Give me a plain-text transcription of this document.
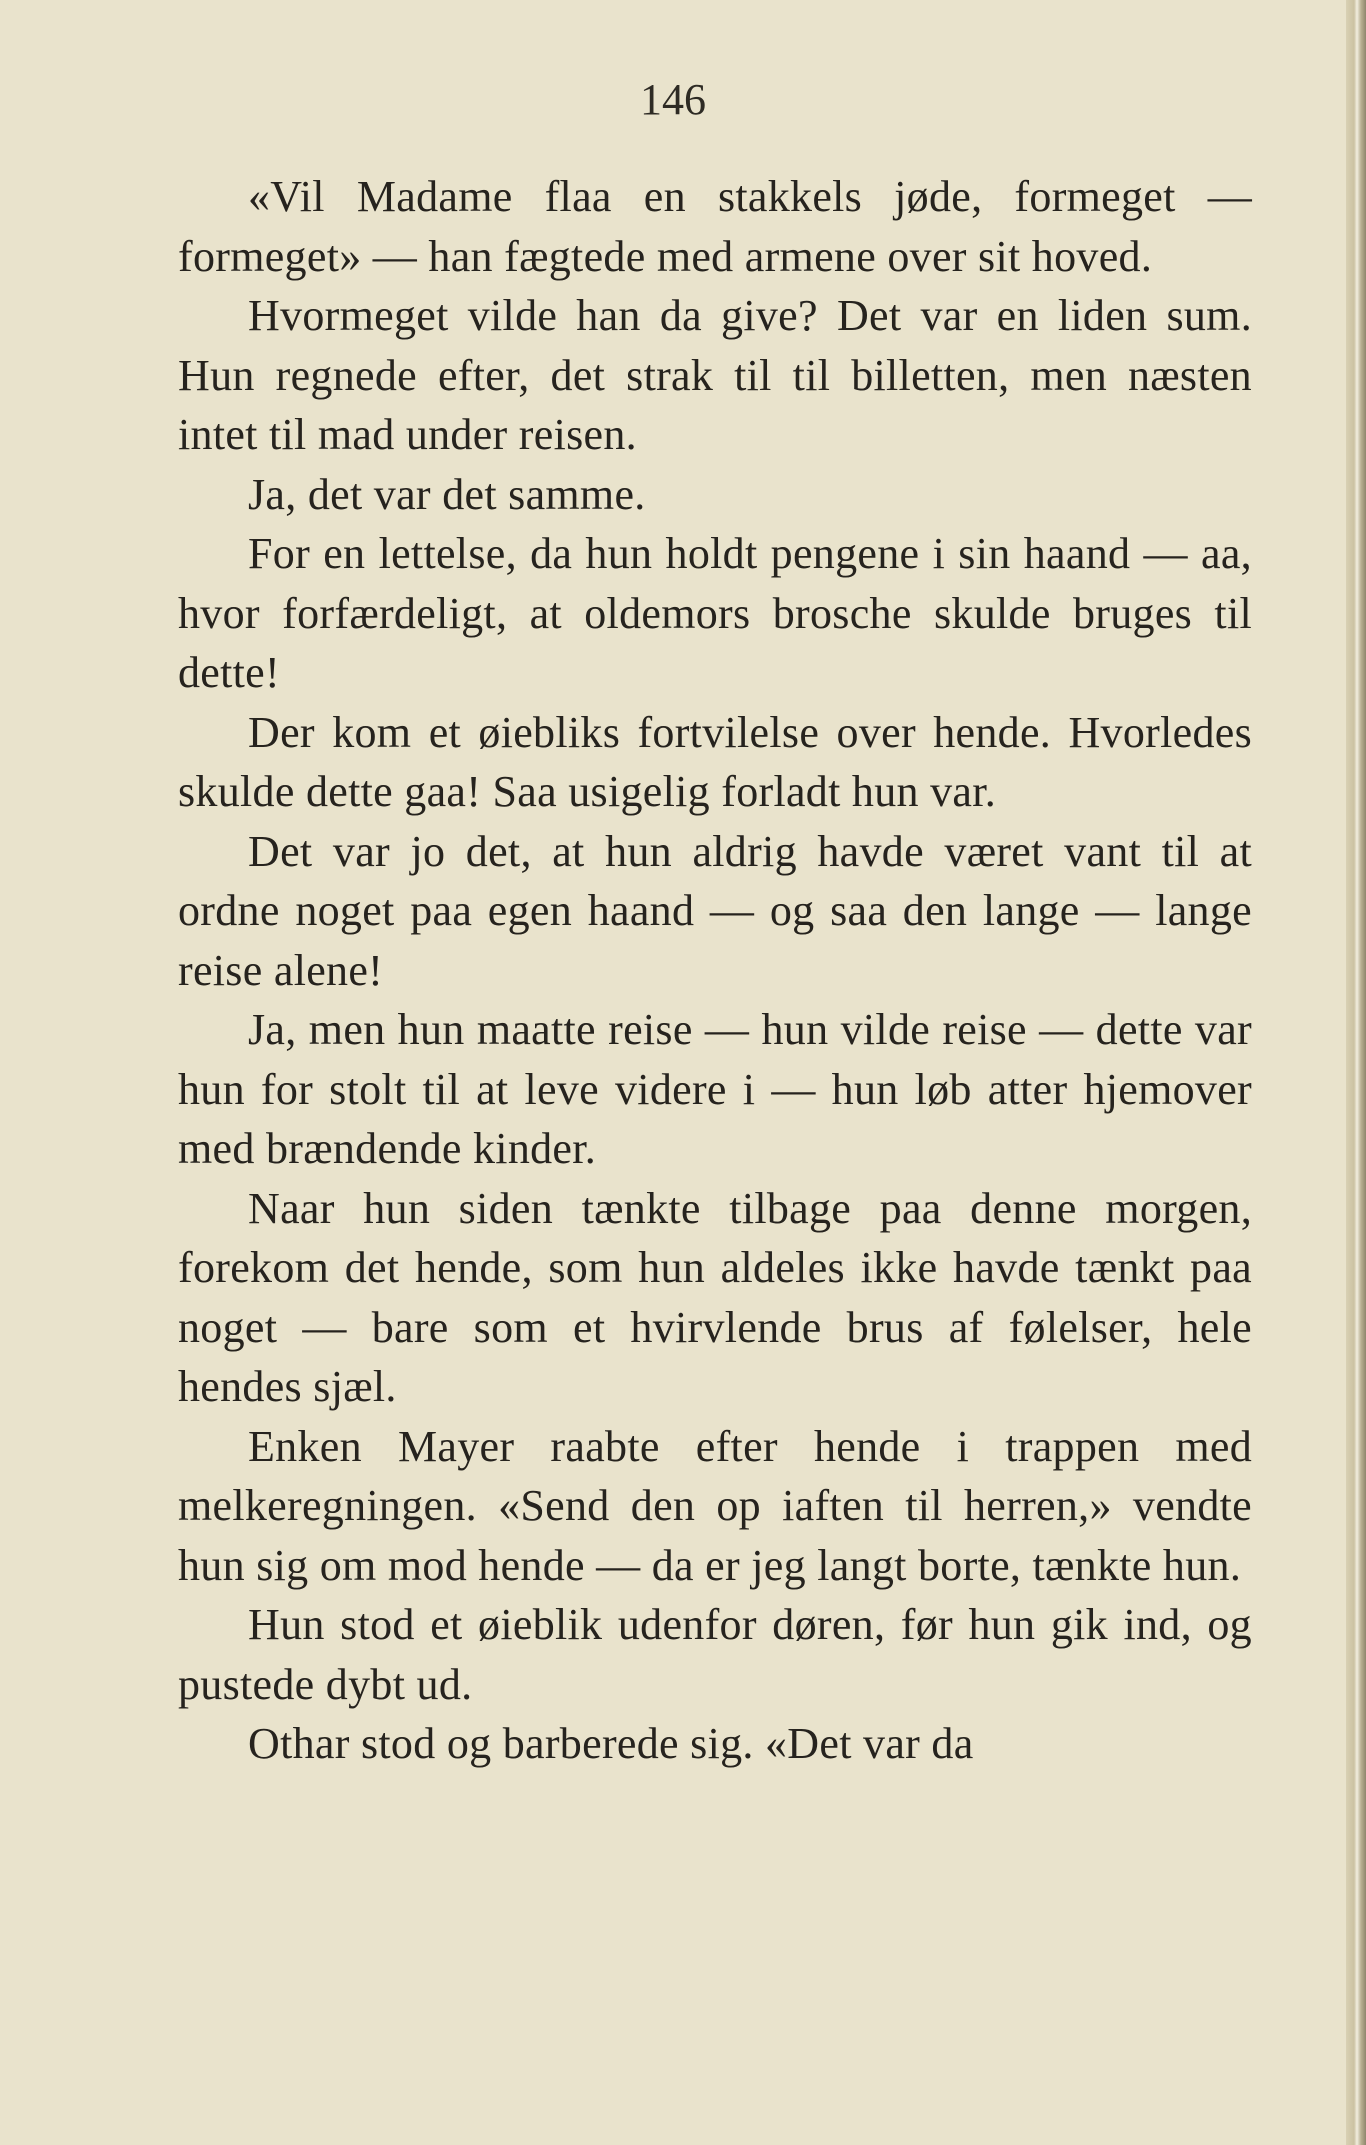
146

«Vil Madame flaa en stakkels jøde, formeget — formeget» — han fægtede med armene over sit hoved.

Hvormeget vilde han da give? Det var en liden sum. Hun regnede efter, det strak til til billetten, men næsten intet til mad under reisen.

Ja, det var det samme.

For en lettelse, da hun holdt pengene i sin haand — aa, hvor forfærdeligt, at oldemors brosche skulde bruges til dette!

Der kom et øiebliks fortvilelse over hende. Hvorledes skulde dette gaa! Saa usigelig forladt hun var.

Det var jo det, at hun aldrig havde været vant til at ordne noget paa egen haand — og saa den lange — lange reise alene!

Ja, men hun maatte reise — hun vilde reise — dette var hun for stolt til at leve videre i — hun løb atter hjemover med brændende kinder.

Naar hun siden tænkte tilbage paa denne morgen, forekom det hende, som hun aldeles ikke havde tænkt paa noget — bare som et hvirvlende brus af følelser, hele hendes sjæl.

Enken Mayer raabte efter hende i trappen med melkeregningen. «Send den op iaften til herren,» vendte hun sig om mod hende — da er jeg langt borte, tænkte hun.

Hun stod et øieblik udenfor døren, før hun gik ind, og pustede dybt ud.

Othar stod og barberede sig. «Det var da
